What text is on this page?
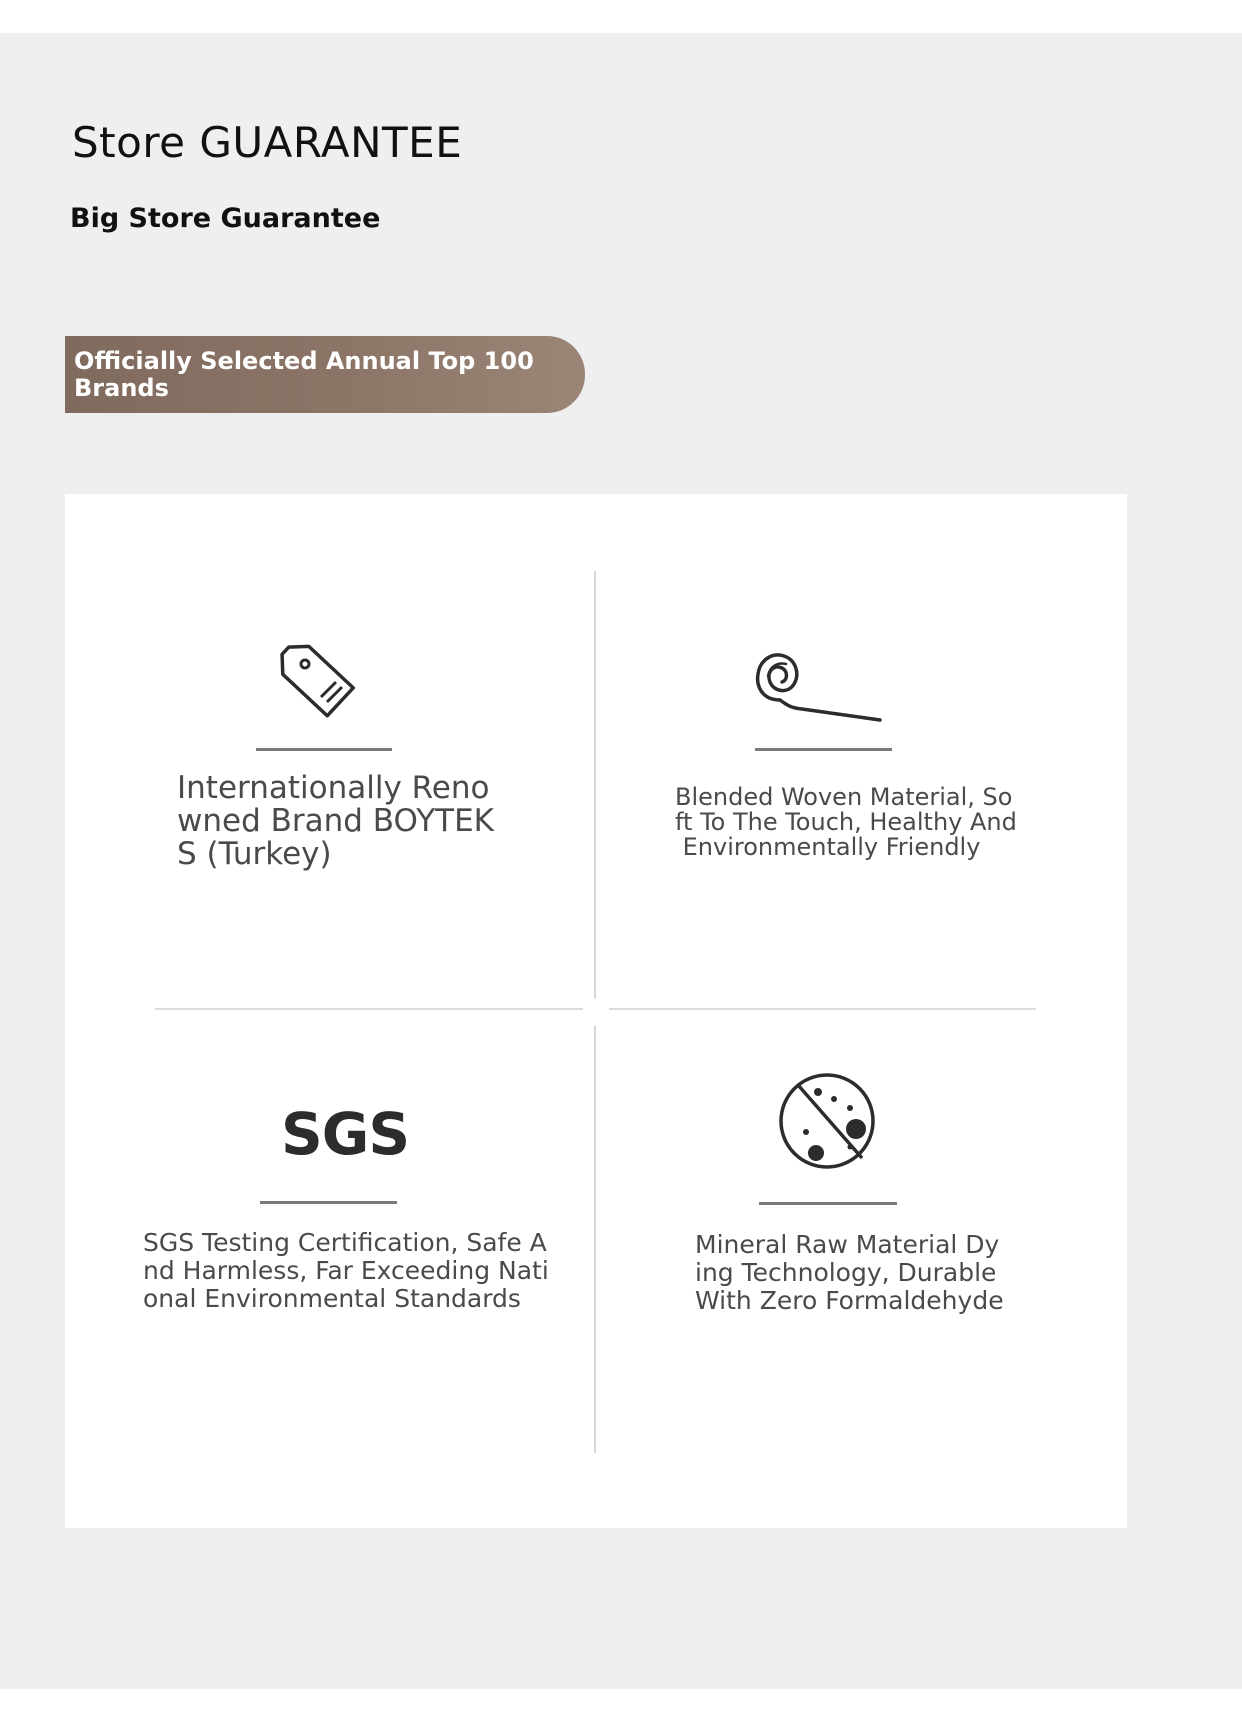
Store GUARANTEE
Big Store Guarantee
Officially Selected Annual Top 100
Brands
Internationally Reno
wned Brand BOYTEK
S (Turkey)
Blended Woven Material, So
ft To The Touch, Healthy And
Environmentally Friendly
SGS
SGS Testing Certification, Safe A
nd Harmless, Far Exceeding Nati
onal Environmental Standards
Mineral Raw Material Dy
ing Technology, Durable
With Zero Formaldehyde
